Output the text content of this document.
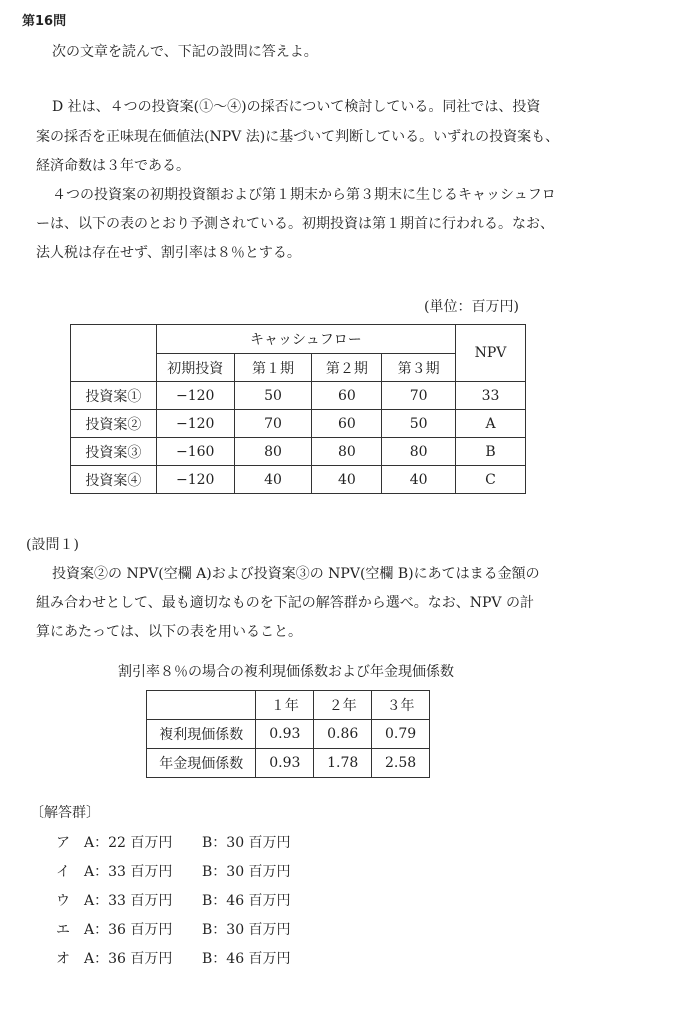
第16問
次の文章を読んで、下記の設問に答えよ。
D 社は、４つの投資案(①～④)の採否について検討している。同社では、投資
案の採否を正味現在価値法(NPV 法)に基づいて判断している。いずれの投資案も、
経済命数は３年である。
４つの投資案の初期投資額および第１期末から第３期末に生じるキャッシュフロ
ーは、以下の表のとおり予測されている。初期投資は第１期首に行われる。なお、
法人税は存在せず、割引率は８％とする。
(単位：百万円)
	キャッシュフロー				NPV
	初期投資	第１期	第２期	第３期	
投資案①	−120	50	60	70	33
投資案②	−120	70	60	50	A
投資案③	−160	80	80	80	B
投資案④	−120	40	40	40	C
(設問１)
投資案②の NPV(空欄 A)および投資案③の NPV(空欄 B)にあてはまる金額の
組み合わせとして、最も適切なものを下記の解答群から選べ。なお、NPV の計
算にあたっては、以下の表を用いること。
割引率８％の場合の複利現価係数および年金現価係数
	１年	２年	３年
複利現価係数	0.93	0.86	0.79
年金現価係数	0.93	1.78	2.58
〔解答群〕
ア A：22 百万円 B：30 百万円
イ A：33 百万円 B：30 百万円
ウ A：33 百万円 B：46 百万円
エ A：36 百万円 B：30 百万円
オ A：36 百万円 B：46 百万円
